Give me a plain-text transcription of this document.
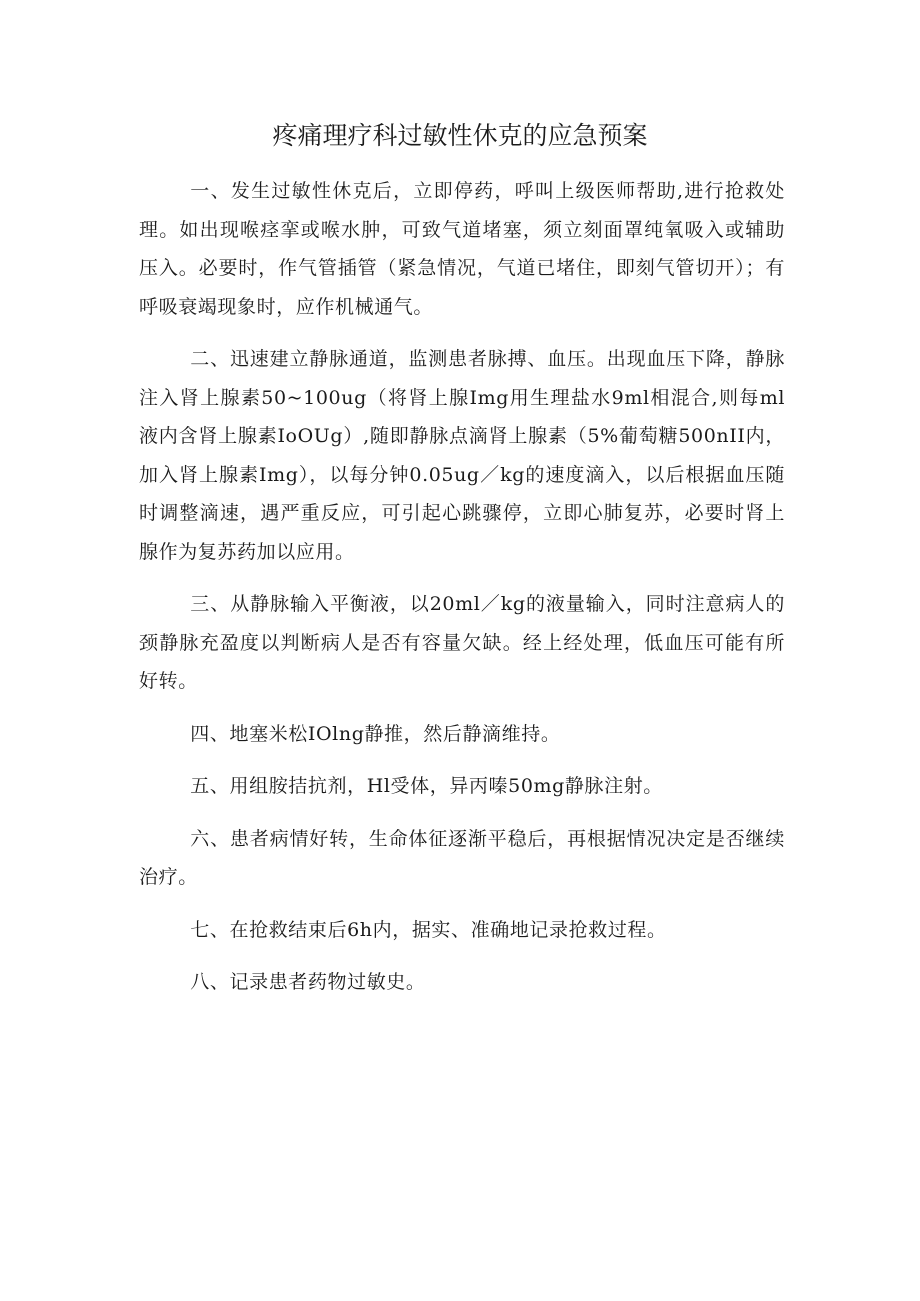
疼痛理疗科过敏性休克的应急预案

一、发生过敏性休克后，立即停药，呼叫上级医师帮助,进行抢救处理。如出现喉痉挛或喉水肿，可致气道堵塞，须立刻面罩纯氧吸入或辅助压入。必要时，作气管插管（紧急情况，气道已堵住，即刻气管切开）；有呼吸衰竭现象时，应作机械通气。

二、迅速建立静脉通道，监测患者脉搏、血压。出现血压下降，静脉注入肾上腺素50~100ug（将肾上腺Img用生理盐水9ml相混合,则每ml液内含肾上腺素IoOUg）,随即静脉点滴肾上腺素（5%葡萄糖500nII内，加入肾上腺素Img），以每分钟0.05ug／kg的速度滴入，以后根据血压随时调整滴速，遇严重反应，可引起心跳骤停，立即心肺复苏，必要时肾上腺作为复苏药加以应用。

三、从静脉输入平衡液，以20ml／kg的液量输入，同时注意病人的颈静脉充盈度以判断病人是否有容量欠缺。经上经处理，低血压可能有所好转。

四、地塞米松IOlng静推，然后静滴维持。

五、用组胺拮抗剂，Hl受体，异丙嗪50mg静脉注射。

六、患者病情好转，生命体征逐渐平稳后，再根据情况决定是否继续治疗。

七、在抢救结束后6h内，据实、准确地记录抢救过程。

八、记录患者药物过敏史。
